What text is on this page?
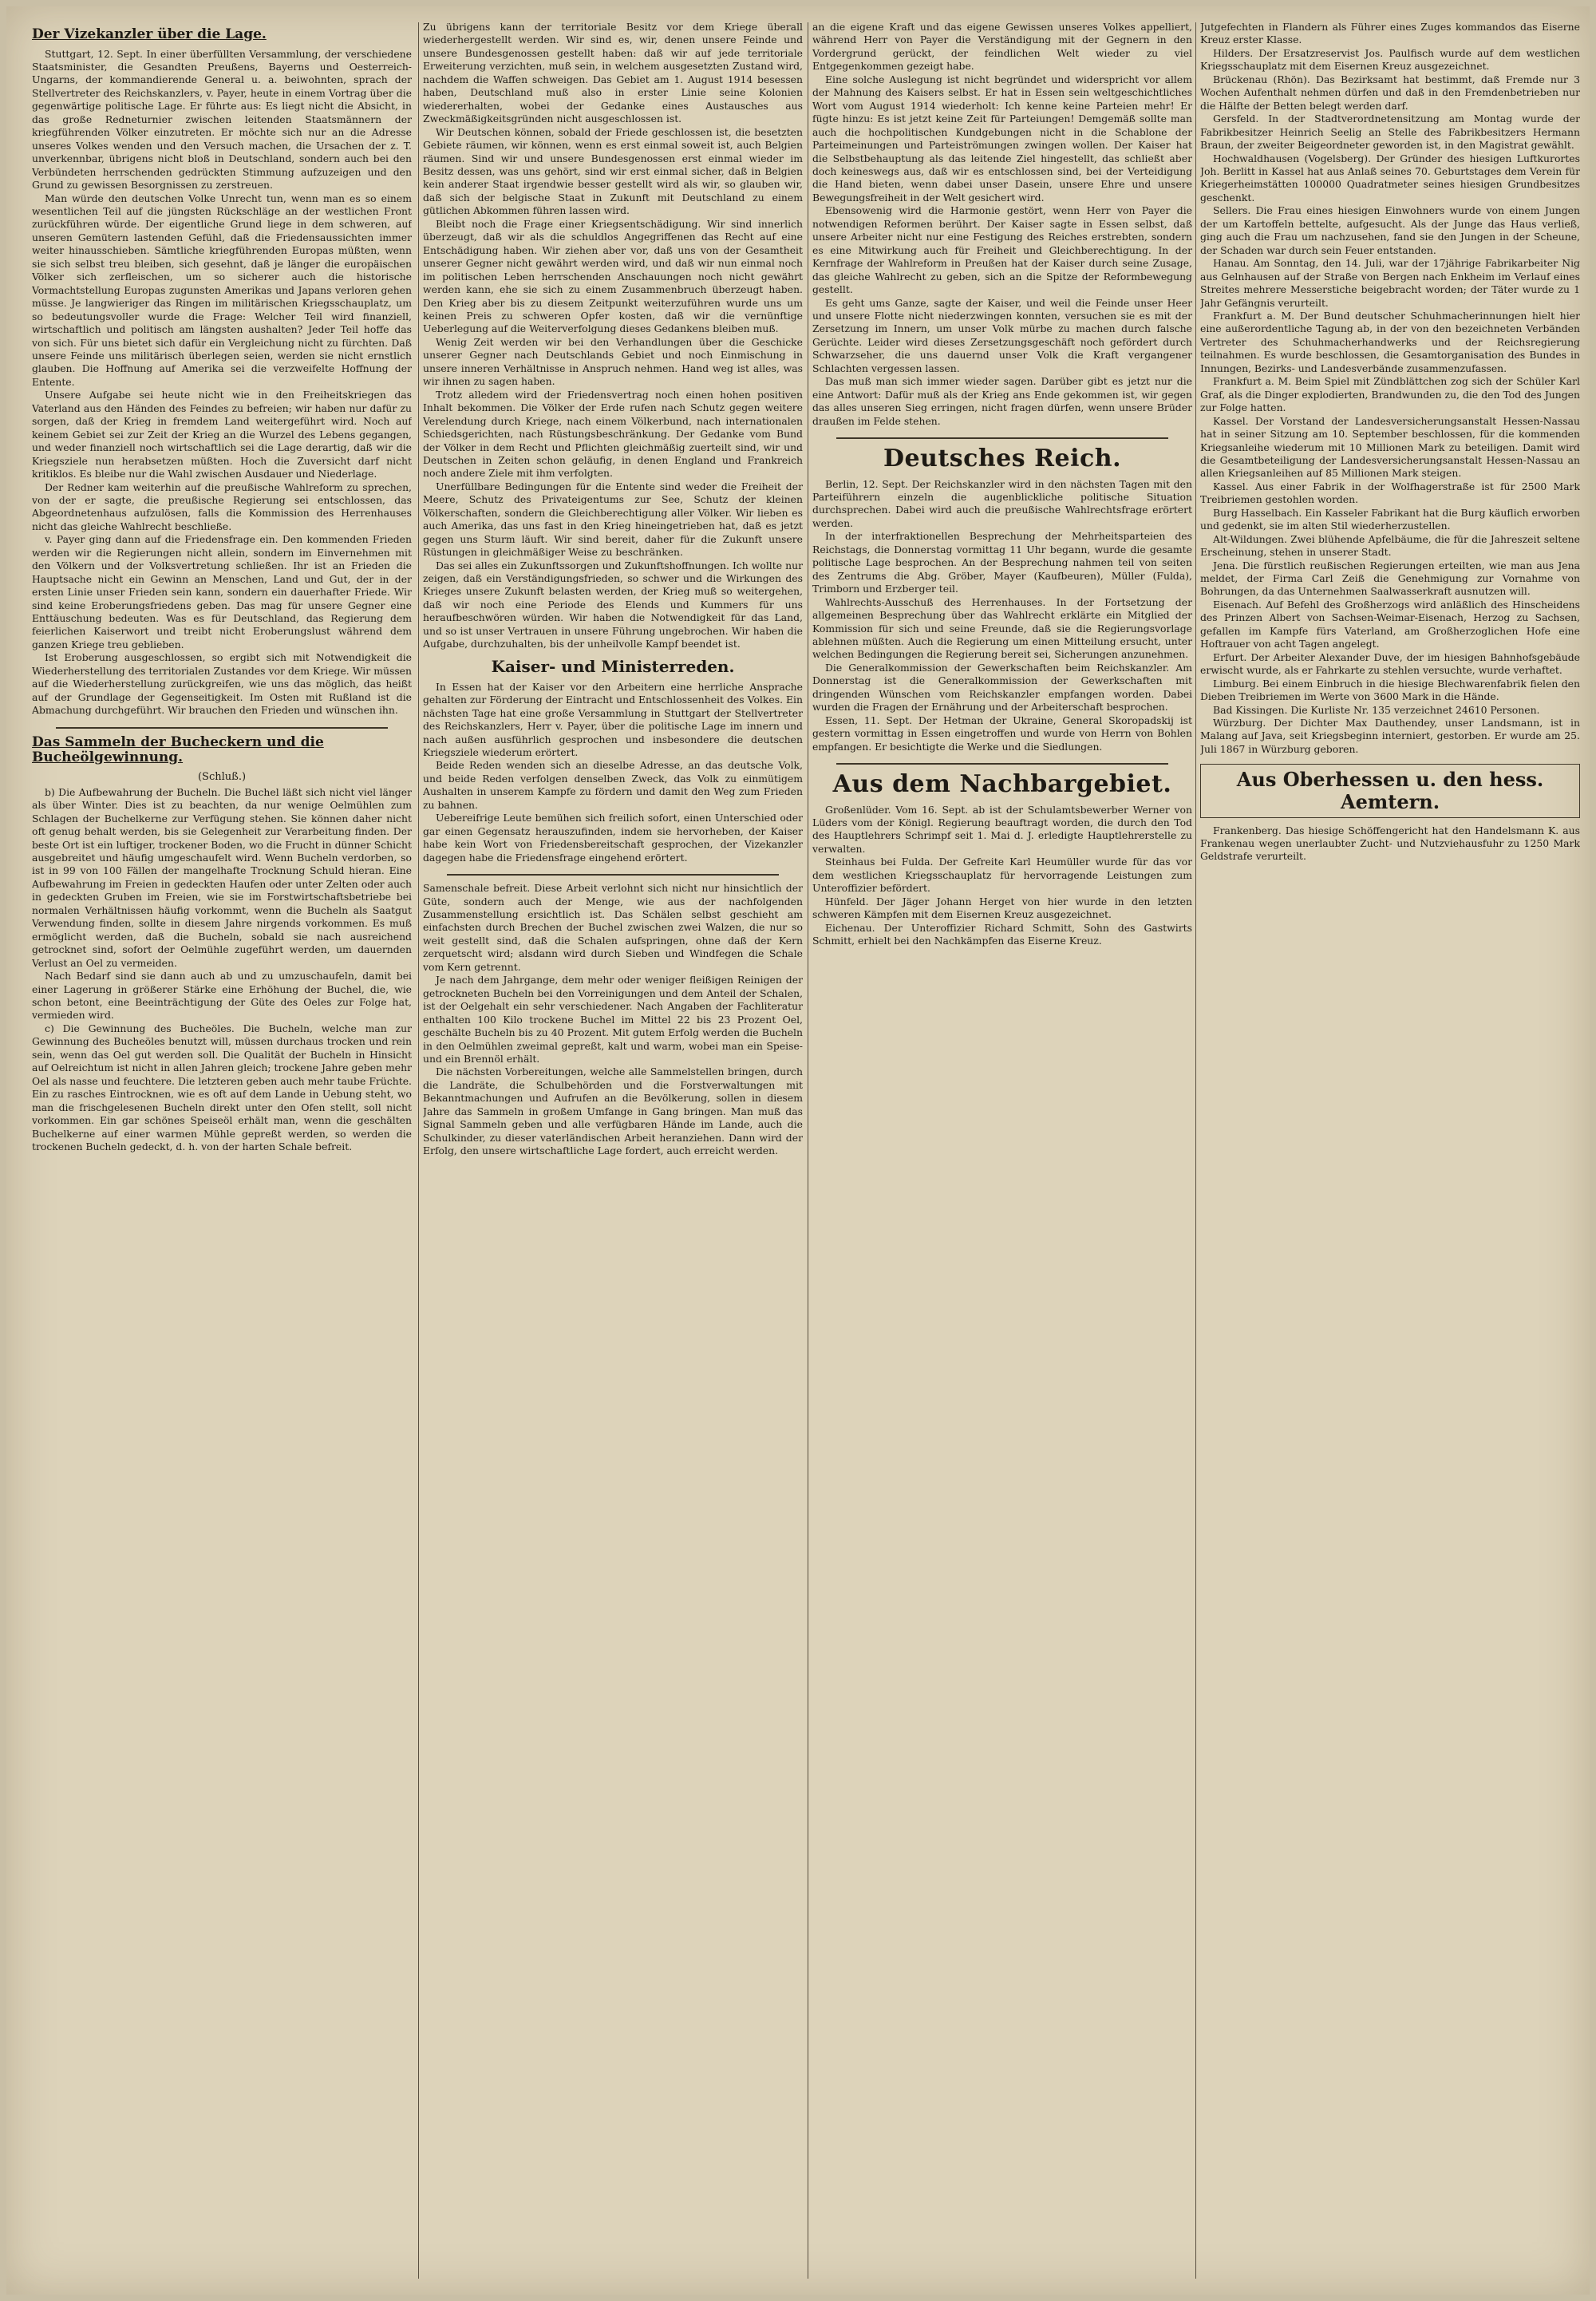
Der Vizekanzler über die Lage.

Stuttgart, 12. Sept. In einer überfüllten Versammlung, der verschiedene Staatsminister, die Gesandten Preußens, Bayerns und Oesterreich-Ungarns, der kommandierende General u. a. beiwohnten, sprach der Stellvertreter des Reichskanzlers, v. Payer, heute in einem Vortrag über die gegenwärtige politische Lage. Er führte aus: Es liegt nicht die Absicht, in das große Redneturnier zwischen leitenden Staatsmännern der kriegführenden Völker einzutreten. Er möchte sich nur an die Adresse unseres Volkes wenden und den Versuch machen, die Ursachen der z. T. unverkennbar, übrigens nicht bloß in Deutschland, sondern auch bei den Verbündeten herrschenden gedrückten Stimmung aufzuzeigen und den Grund zu gewissen Besorgnissen zu zerstreuen.

Man würde den deutschen Volke Unrecht tun, wenn man es so einem wesentlichen Teil auf die jüngsten Rückschläge an der westlichen Front zurückführen würde. Der eigentliche Grund liege in dem schweren, auf unseren Gemütern lastenden Gefühl, daß die Friedensaussichten immer weiter hinausschieben. Sämtliche kriegführenden Europas müßten, wenn sie sich selbst treu bleiben, sich gesehnt, daß je länger die europäischen Völker sich zerfleischen, um so sicherer auch die historische Vormachtstellung Europas zugunsten Amerikas und Japans verloren gehen müsse. Je langwieriger das Ringen im militärischen Kriegsschauplatz, um so bedeutungsvoller wurde die Frage: Welcher Teil wird finanziell, wirtschaftlich und politisch am längsten aushalten? Jeder Teil hoffe das von sich. Für uns bietet sich dafür ein Vergleichung nicht zu fürchten. Daß unsere Feinde uns militärisch überlegen seien, werden sie nicht ernstlich glauben. Die Hoffnung auf Amerika sei die verzweifelte Hoffnung der Entente.

Unsere Aufgabe sei heute nicht wie in den Freiheitskriegen das Vaterland aus den Händen des Feindes zu befreien; wir haben nur dafür zu sorgen, daß der Krieg in fremdem Land weitergeführt wird. Noch auf keinem Gebiet sei zur Zeit der Krieg an die Wurzel des Lebens gegangen, und weder finanziell noch wirtschaftlich sei die Lage derartig, daß wir die Kriegsziele nun herabsetzen müßten. Hoch die Zuversicht darf nicht kritiklos. Es bleibe nur die Wahl zwischen Ausdauer und Niederlage.

Der Redner kam weiterhin auf die preußische Wahlreform zu sprechen, von der er sagte, die preußische Regierung sei entschlossen, das Abgeordnetenhaus aufzulösen, falls die Kommission des Herrenhauses nicht das gleiche Wahlrecht beschließe.

v. Payer ging dann auf die Friedensfrage ein. Den kommenden Frieden werden wir die Regierungen nicht allein, sondern im Einvernehmen mit den Völkern und der Volksvertretung schließen. Ihr ist an Frieden die Hauptsache nicht ein Gewinn an Menschen, Land und Gut, der in der ersten Linie unser Frieden sein kann, sondern ein dauerhafter Friede. Wir sind keine Eroberungsfriedens geben. Das mag für unsere Gegner eine Enttäuschung bedeuten. Was es für Deutschland, das Regierung dem feierlichen Kaiserwort und treibt nicht Eroberungslust während dem ganzen Kriege treu geblieben.

Ist Eroberung ausgeschlossen, so ergibt sich mit Notwendigkeit die Wiederherstellung des territorialen Zustandes vor dem Kriege. Wir müssen auf die Wiederherstellung zurückgreifen, wie uns das möglich, das heißt auf der Grundlage der Gegenseitigkeit. Im Osten mit Rußland ist die Abmachung durchgeführt. Wir brauchen den Frieden und wünschen ihn.

Das Sammeln der Bucheckern und die Bucheölgewinnung.
(Schluß.)

b) Die Aufbewahrung der Bucheln. Die Buchel läßt sich nicht viel länger als über Winter. Dies ist zu beachten, da nur wenige Oelmühlen zum Schlagen der Buchelkerne zur Verfügung stehen. Sie können daher nicht oft genug behalt werden, bis sie Gelegenheit zur Verarbeitung finden. Der beste Ort ist ein luftiger, trockener Boden, wo die Frucht in dünner Schicht ausgebreitet und häufig umgeschaufelt wird. Wenn Bucheln verdorben, so ist in 99 von 100 Fällen der mangelhafte Trocknung Schuld hieran. Eine Aufbewahrung im Freien in gedeckten Haufen oder unter Zelten oder auch in gedeckten Gruben im Freien, wie sie im Forstwirtschaftsbetriebe bei normalen Verhältnissen häufig vorkommt, wenn die Bucheln als Saatgut Verwendung finden, sollte in diesem Jahre nirgends vorkommen. Es muß ermöglicht werden, daß die Bucheln, sobald sie nach ausreichend getrocknet sind, sofort der Oelmühle zugeführt werden, um dauernden Verlust an Oel zu vermeiden.

Nach Bedarf sind sie dann auch ab und zu umzuschaufeln, damit bei einer Lagerung in größerer Stärke eine Erhöhung der Buchel, die, wie schon betont, eine Beeinträchtigung der Güte des Oeles zur Folge hat, vermieden wird.

c) Die Gewinnung des Bucheöles. Die Bucheln, welche man zur Gewinnung des Bucheöles benutzt will, müssen durchaus trocken und rein sein, wenn das Oel gut werden soll. Die Qualität der Bucheln in Hinsicht auf Oelreichtum ist nicht in allen Jahren gleich; trockene Jahre geben mehr Oel als nasse und feuchtere. Die letzteren geben auch mehr taube Früchte. Ein zu rasches Eintrocknen, wie es oft auf dem Lande in Uebung steht, wo man die frischgelesenen Bucheln direkt unter den Ofen stellt, soll nicht vorkommen. Ein gar schönes Speiseöl erhält man, wenn die geschälten Buchelkerne auf einer warmen Mühle gepreßt werden, so werden die trockenen Bucheln gedeckt, d. h. von der harten Schale befreit.

Zu übrigens kann der territoriale Besitz vor dem Kriege überall wiederhergestellt werden. Wir sind es, wir, denen unsere Feinde und unsere Bundesgenossen gestellt haben: daß wir auf jede territoriale Erweiterung verzichten, muß sein, in welchem ausgesetzten Zustand wird, nachdem die Waffen schweigen. Das Gebiet am 1. August 1914 besessen haben, Deutschland muß also in erster Linie seine Kolonien wiedererhalten, wobei der Gedanke eines Austausches aus Zweckmäßigkeitsgründen nicht ausgeschlossen ist.

Wir Deutschen können, sobald der Friede geschlossen ist, die besetzten Gebiete räumen, wir können, wenn es erst einmal soweit ist, auch Belgien räumen. Sind wir und unsere Bundesgenossen erst einmal wieder im Besitz dessen, was uns gehört, sind wir erst einmal sicher, daß in Belgien kein anderer Staat irgendwie besser gestellt wird als wir, so glauben wir, daß sich der belgische Staat in Zukunft mit Deutschland zu einem gütlichen Abkommen führen lassen wird.

Bleibt noch die Frage einer Kriegsentschädigung. Wir sind innerlich überzeugt, daß wir als die schuldlos Angegriffenen das Recht auf eine Entschädigung haben. Wir ziehen aber vor, daß uns von der Gesamtheit unserer Gegner nicht gewährt werden wird, und daß wir nun einmal noch im politischen Leben herrschenden Anschauungen noch nicht gewährt werden kann, ehe sie sich zu einem Zusammenbruch überzeugt haben. Den Krieg aber bis zu diesem Zeitpunkt weiterzuführen wurde uns um keinen Preis zu schweren Opfer kosten, daß wir die vernünftige Ueberlegung auf die Weiterverfolgung dieses Gedankens bleiben muß.

Wenig Zeit werden wir bei den Verhandlungen über die Geschicke unserer Gegner nach Deutschlands Gebiet und noch Einmischung in unsere inneren Verhältnisse in Anspruch nehmen. Hand weg ist alles, was wir ihnen zu sagen haben.

Trotz alledem wird der Friedensvertrag noch einen hohen positiven Inhalt bekommen. Die Völker der Erde rufen nach Schutz gegen weitere Verelendung durch Kriege, nach einem Völkerbund, nach internationalen Schiedsgerichten, nach Rüstungsbeschränkung. Der Gedanke vom Bund der Völker in dem Recht und Pflichten gleichmäßig zuerteilt sind, wir und Deutschen in Zeiten schon geläufig, in denen England und Frankreich noch andere Ziele mit ihm verfolgten.

Unerfüllbare Bedingungen für die Entente sind weder die Freiheit der Meere, Schutz des Privateigentums zur See, Schutz der kleinen Völkerschaften, sondern die Gleichberechtigung aller Völker. Wir lieben es auch Amerika, das uns fast in den Krieg hineingetrieben hat, daß es jetzt gegen uns Sturm läuft. Wir sind bereit, daher für die Zukunft unsere Rüstungen in gleichmäßiger Weise zu beschränken.

Das sei alles ein Zukunftssorgen und Zukunftshoffnungen. Ich wollte nur zeigen, daß ein Verständigungsfrieden, so schwer und die Wirkungen des Krieges unsere Zukunft belasten werden, der Krieg muß so weitergehen, daß wir noch eine Periode des Elends und Kummers für uns heraufbeschwören würden. Wir haben die Notwendigkeit für das Land, und so ist unser Vertrauen in unsere Führung ungebrochen. Wir haben die Aufgabe, durchzuhalten, bis der unheilvolle Kampf beendet ist.

Kaiser- und Ministerreden.

In Essen hat der Kaiser vor den Arbeitern eine herrliche Ansprache gehalten zur Förderung der Eintracht und Entschlossenheit des Volkes. Ein nächsten Tage hat eine große Versammlung in Stuttgart der Stellvertreter des Reichskanzlers, Herr v. Payer, über die politische Lage im innern und nach außen ausführlich gesprochen und insbesondere die deutschen Kriegsziele wiederum erörtert.

Beide Reden wenden sich an dieselbe Adresse, an das deutsche Volk, und beide Reden verfolgen denselben Zweck, das Volk zu einmütigem Aushalten in unserem Kampfe zu fördern und damit den Weg zum Frieden zu bahnen.

Uebereifrige Leute bemühen sich freilich sofort, einen Unterschied oder gar einen Gegensatz herauszufinden, indem sie hervorheben, der Kaiser habe kein Wort von Friedensbereitschaft gesprochen, der Vizekanzler dagegen habe die Friedensfrage eingehend erörtert.

Samenschale befreit. Diese Arbeit verlohnt sich nicht nur hinsichtlich der Güte, sondern auch der Menge, wie aus der nachfolgenden Zusammenstellung ersichtlich ist. Das Schälen selbst geschieht am einfachsten durch Brechen der Buchel zwischen zwei Walzen, die nur so weit gestellt sind, daß die Schalen aufspringen, ohne daß der Kern zerquetscht wird; alsdann wird durch Sieben und Windfegen die Schale vom Kern getrennt.

Je nach dem Jahrgange, dem mehr oder weniger fleißigen Reinigen der getrockneten Bucheln bei den Vorreinigungen und dem Anteil der Schalen, ist der Oelgehalt ein sehr verschiedener. Nach Angaben der Fachliteratur enthalten 100 Kilo trockene Buchel im Mittel 22 bis 23 Prozent Oel, geschälte Bucheln bis zu 40 Prozent. Mit gutem Erfolg werden die Bucheln in den Oelmühlen zweimal gepreßt, kalt und warm, wobei man ein Speise- und ein Brennöl erhält.

Die nächsten Vorbereitungen, welche alle Sammelstellen bringen, durch die Landräte, die Schulbehörden und die Forstverwaltungen mit Bekanntmachungen und Aufrufen an die Bevölkerung, sollen in diesem Jahre das Sammeln in großem Umfange in Gang bringen. Man muß das Signal Sammeln geben und alle verfügbaren Hände im Lande, auch die Schulkinder, zu dieser vaterländischen Arbeit heranziehen. Dann wird der Erfolg, den unsere wirtschaftliche Lage fordert, auch erreicht werden.

an die eigene Kraft und das eigene Gewissen unseres Volkes appelliert, während Herr von Payer die Verständigung mit der Gegnern in den Vordergrund gerückt, der feindlichen Welt wieder zu viel Entgegenkommen gezeigt habe.

Eine solche Auslegung ist nicht begründet und widerspricht vor allem der Mahnung des Kaisers selbst. Er hat in Essen sein weltgeschichtliches Wort vom August 1914 wiederholt: Ich kenne keine Parteien mehr! Er fügte hinzu: Es ist jetzt keine Zeit für Parteiungen! Demgemäß sollte man auch die hochpolitischen Kundgebungen nicht in die Schablone der Parteimeinungen und Parteiströmungen zwingen wollen. Der Kaiser hat die Selbstbehauptung als das leitende Ziel hingestellt, das schließt aber doch keineswegs aus, daß wir es entschlossen sind, bei der Verteidigung die Hand bieten, wenn dabei unser Dasein, unsere Ehre und unsere Bewegungsfreiheit in der Welt gesichert wird.

Ebensowenig wird die Harmonie gestört, wenn Herr von Payer die notwendigen Reformen berührt. Der Kaiser sagte in Essen selbst, daß unsere Arbeiter nicht nur eine Festigung des Reiches erstrebten, sondern es eine Mitwirkung auch für Freiheit und Gleichberechtigung. In der Kernfrage der Wahlreform in Preußen hat der Kaiser durch seine Zusage, das gleiche Wahlrecht zu geben, sich an die Spitze der Reformbewegung gestellt.

Es geht ums Ganze, sagte der Kaiser, und weil die Feinde unser Heer und unsere Flotte nicht niederzwingen konnten, versuchen sie es mit der Zersetzung im Innern, um unser Volk mürbe zu machen durch falsche Gerüchte. Leider wird dieses Zersetzungsgeschäft noch gefördert durch Schwarzseher, die uns dauernd unser Volk die Kraft vergangener Schlachten vergessen lassen.

Das muß man sich immer wieder sagen. Darüber gibt es jetzt nur die eine Antwort: Dafür muß als der Krieg ans Ende gekommen ist, wir gegen das alles unseren Sieg erringen, nicht fragen dürfen, wenn unsere Brüder draußen im Felde stehen.

Deutsches Reich.

Berlin, 12. Sept. Der Reichskanzler wird in den nächsten Tagen mit den Parteiführern einzeln die augenblickliche politische Situation durchsprechen. Dabei wird auch die preußische Wahlrechtsfrage erörtert werden.

In der interfraktionellen Besprechung der Mehrheitsparteien des Reichstags, die Donnerstag vormittag 11 Uhr begann, wurde die gesamte politische Lage besprochen. An der Besprechung nahmen teil von seiten des Zentrums die Abg. Gröber, Mayer (Kaufbeuren), Müller (Fulda), Trimborn und Erzberger teil.

Wahlrechts-Ausschuß des Herrenhauses. In der Fortsetzung der allgemeinen Besprechung über das Wahlrecht erklärte ein Mitglied der Kommission für sich und seine Freunde, daß sie die Regierungsvorlage ablehnen müßten. Auch die Regierung um einen Mitteilung ersucht, unter welchen Bedingungen die Regierung bereit sei, Sicherungen anzunehmen.

Die Generalkommission der Gewerkschaften beim Reichskanzler. Am Donnerstag ist die Generalkommission der Gewerkschaften mit dringenden Wünschen vom Reichskanzler empfangen worden. Dabei wurden die Fragen der Ernährung und der Arbeiterschaft besprochen.

Essen, 11. Sept. Der Hetman der Ukraine, General Skoropadskij ist gestern vormittag in Essen eingetroffen und wurde von Herrn von Bohlen empfangen. Er besichtigte die Werke und die Siedlungen.

Aus dem Nachbargebiet.

Großenlüder. Vom 16. Sept. ab ist der Schulamtsbewerber Werner von Lüders vom der Königl. Regierung beauftragt worden, die durch den Tod des Hauptlehrers Schrimpf seit 1. Mai d. J. erledigte Hauptlehrerstelle zu verwalten.

Steinhaus bei Fulda. Der Gefreite Karl Heumüller wurde für das vor dem westlichen Kriegsschauplatz für hervorragende Leistungen zum Unteroffizier befördert.

Hünfeld. Der Jäger Johann Herget von hier wurde in den letzten schweren Kämpfen mit dem Eisernen Kreuz ausgezeichnet.

Eichenau. Der Unteroffizier Richard Schmitt, Sohn des Gastwirts Schmitt, erhielt bei den Nachkämpfen das Eiserne Kreuz.

Jutgefechten in Flandern als Führer eines Zuges kommandos das Eiserne Kreuz erster Klasse.

Hilders. Der Ersatzreservist Jos. Paulfisch wurde auf dem westlichen Kriegsschauplatz mit dem Eisernen Kreuz ausgezeichnet.

Brückenau (Rhön). Das Bezirksamt hat bestimmt, daß Fremde nur 3 Wochen Aufenthalt nehmen dürfen und daß in den Fremdenbetrieben nur die Hälfte der Betten belegt werden darf.

Gersfeld. In der Stadtverordnetensitzung am Montag wurde der Fabrikbesitzer Heinrich Seelig an Stelle des Fabrikbesitzers Hermann Braun, der zweiter Beigeordneter geworden ist, in den Magistrat gewählt.

Hochwaldhausen (Vogelsberg). Der Gründer des hiesigen Luftkurortes Joh. Berlitt in Kassel hat aus Anlaß seines 70. Geburtstages dem Verein für Kriegerheimstätten 100000 Quadratmeter seines hiesigen Grundbesitzes geschenkt.

Sellers. Die Frau eines hiesigen Einwohners wurde von einem Jungen der um Kartoffeln bettelte, aufgesucht. Als der Junge das Haus verließ, ging auch die Frau um nachzusehen, fand sie den Jungen in der Scheune, der Schaden war durch sein Feuer entstanden.

Hanau. Am Sonntag, den 14. Juli, war der 17jährige Fabrikarbeiter Nig aus Gelnhausen auf der Straße von Bergen nach Enkheim im Verlauf eines Streites mehrere Messerstiche beigebracht worden; der Täter wurde zu 1 Jahr Gefängnis verurteilt.

Frankfurt a. M. Der Bund deutscher Schuhmacherinnungen hielt hier eine außerordentliche Tagung ab, in der von den bezeichneten Verbänden Vertreter des Schuhmacherhandwerks und der Reichsregierung teilnahmen. Es wurde beschlossen, die Gesamtorganisation des Bundes in Innungen, Bezirks- und Landesverbände zusammenzufassen.

Frankfurt a. M. Beim Spiel mit Zündblättchen zog sich der Schüler Karl Graf, als die Dinger explodierten, Brandwunden zu, die den Tod des Jungen zur Folge hatten.

Kassel. Der Vorstand der Landesversicherungsanstalt Hessen-Nassau hat in seiner Sitzung am 10. September beschlossen, für die kommenden Kriegsanleihe wiederum mit 10 Millionen Mark zu beteiligen. Damit wird die Gesamtbeteiligung der Landesversicherungsanstalt Hessen-Nassau an allen Kriegsanleihen auf 85 Millionen Mark steigen.

Kassel. Aus einer Fabrik in der Wolfhagerstraße ist für 2500 Mark Treibriemen gestohlen worden.

Burg Hasselbach. Ein Kasseler Fabrikant hat die Burg käuflich erworben und gedenkt, sie im alten Stil wiederherzustellen.

Alt-Wildungen. Zwei blühende Apfelbäume, die für die Jahreszeit seltene Erscheinung, stehen in unserer Stadt.

Jena. Die fürstlich reußischen Regierungen erteilten, wie man aus Jena meldet, der Firma Carl Zeiß die Genehmigung zur Vornahme von Bohrungen, da das Unternehmen Saalwasserkraft ausnutzen will.

Eisenach. Auf Befehl des Großherzogs wird anläßlich des Hinscheidens des Prinzen Albert von Sachsen-Weimar-Eisenach, Herzog zu Sachsen, gefallen im Kampfe fürs Vaterland, am Großherzoglichen Hofe eine Hoftrauer von acht Tagen angelegt.

Erfurt. Der Arbeiter Alexander Duve, der im hiesigen Bahnhofsgebäude erwischt wurde, als er Fahrkarte zu stehlen versuchte, wurde verhaftet.

Limburg. Bei einem Einbruch in die hiesige Blechwarenfabrik fielen den Dieben Treibriemen im Werte von 3600 Mark in die Hände.

Bad Kissingen. Die Kurliste Nr. 135 verzeichnet 24610 Personen.

Würzburg. Der Dichter Max Dauthendey, unser Landsmann, ist in Malang auf Java, seit Kriegsbeginn interniert, gestorben. Er wurde am 25. Juli 1867 in Würzburg geboren.

Aus Oberhessen u. den hess. Aemtern.

Frankenberg. Das hiesige Schöffengericht hat den Handelsmann K. aus Frankenau wegen unerlaubter Zucht- und Nutzviehausfuhr zu 1250 Mark Geldstrafe verurteilt.
